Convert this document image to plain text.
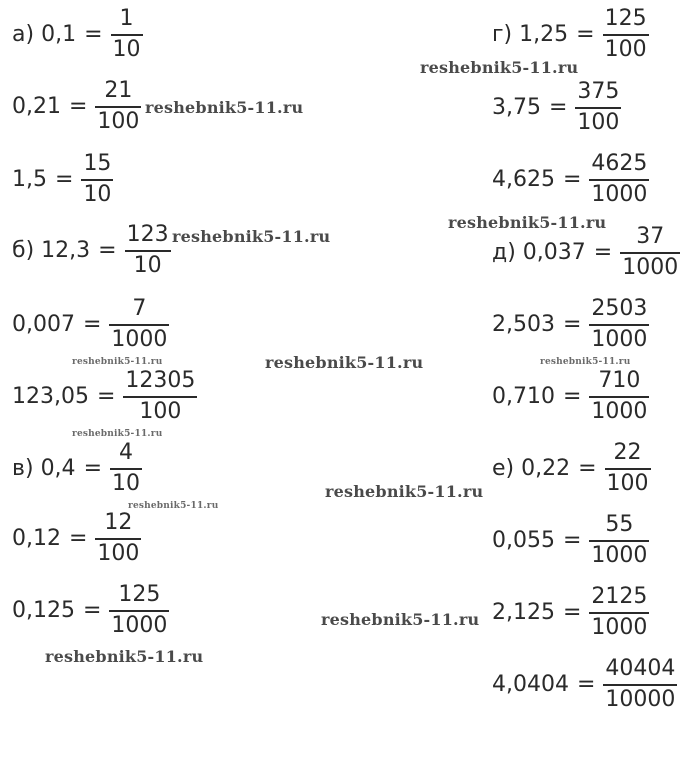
а) $0,1 = \frac{1}{10}$
$0,21 = \frac{21}{100}$
$1,5 = \frac{15}{10}$
б) $12,3 = \frac{123}{10}$
$0,007 = \frac{7}{1000}$
$123,05 = \frac{12305}{100}$
в) $0,4 = \frac{4}{10}$
$0,12 = \frac{12}{100}$
$0,125 = \frac{125}{1000}$
г) $1,25 = \frac{125}{100}$
$3,75 = \frac{375}{100}$
$4,625 = \frac{4625}{1000}$
д) $0,037 = \frac{37}{1000}$
$2,503 = \frac{2503}{1000}$
$0,710 = \frac{710}{1000}$
е) $0,22 = \frac{22}{100}$
$0,055 = \frac{55}{1000}$
$2,125 = \frac{2125}{1000}$
$4,0404 = \frac{40404}{10000}$
reshebnik5-11.ru
reshebnik5-11.ru
reshebnik5-11.ru
reshebnik5-11.ru
reshebnik5-11.ru
reshebnik5-11.ru	reshebnik5-11.ru
reshebnik5-11.ru
reshebnik5-11.ru
reshebnik5-11.ru
reshebnik5-11.ru
reshebnik5-11.ru
